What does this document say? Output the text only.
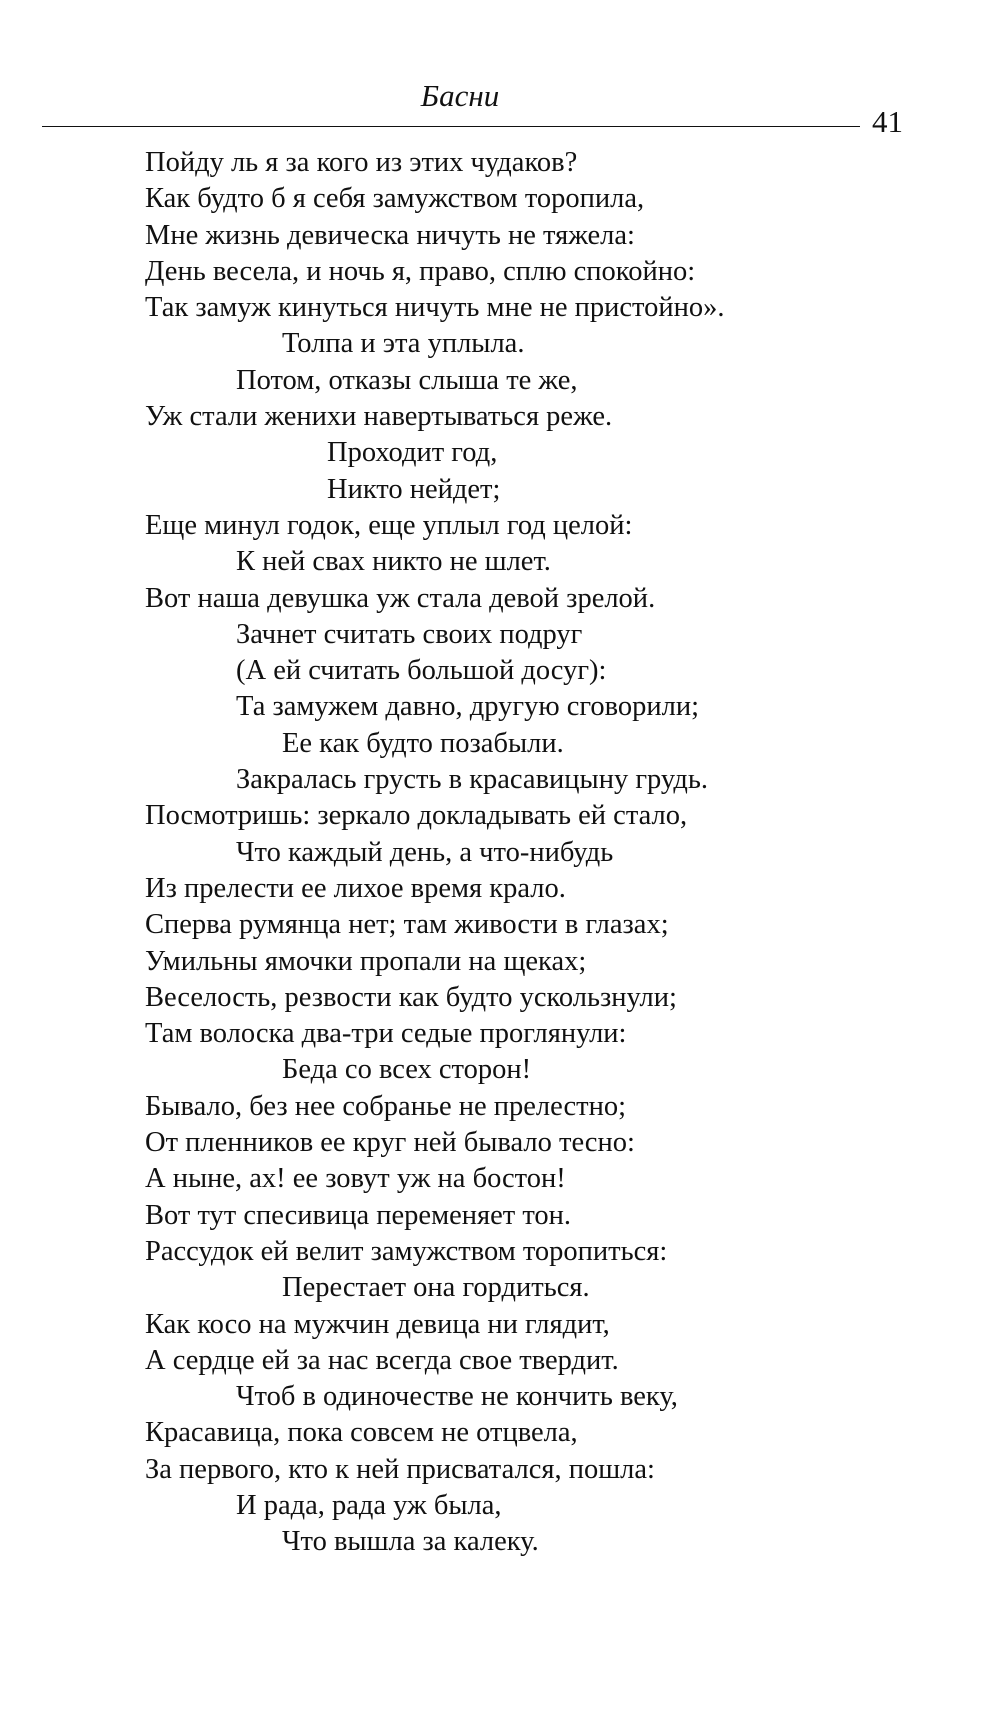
Басни
41
Пойду ль я за кого из этих чудаков?
Как будто б я себя замужством торопила,
Мне жизнь девическа ничуть не тяжела:
День весела, и ночь я, право, сплю спокойно:
Так замуж кинуться ничуть мне не пристойно».
Толпа и эта уплыла.
Потом, отказы слыша те же,
Уж стали женихи навертываться реже.
Проходит год,
Никто нейдет;
Еще минул годок, еще уплыл год целой:
К ней свах никто не шлет.
Вот наша девушка уж стала девой зрелой.
Зачнет считать своих подруг
(А ей считать большой досуг):
Та замужем давно, другую сговорили;
Ее как будто позабыли.
Закралась грусть в красавицыну грудь.
Посмотришь: зеркало докладывать ей стало,
Что каждый день, а что-нибудь
Из прелести ее лихое время крало.
Сперва румянца нет; там живости в глазах;
Умильны ямочки пропали на щеках;
Веселость, резвости как будто ускользнули;
Там волоска два-три седые проглянули:
Беда со всех сторон!
Бывало, без нее собранье не прелестно;
От пленников ее круг ней бывало тесно:
А ныне, ах! ее зовут уж на бостон!
Вот тут спесивица переменяет тон.
Рассудок ей велит замужством торопиться:
Перестает она гордиться.
Как косо на мужчин девица ни глядит,
А сердце ей за нас всегда свое твердит.
Чтоб в одиночестве не кончить веку,
Красавица, пока совсем не отцвела,
За первого, кто к ней присватался, пошла:
И рада, рада уж была,
Что вышла за калеку.
